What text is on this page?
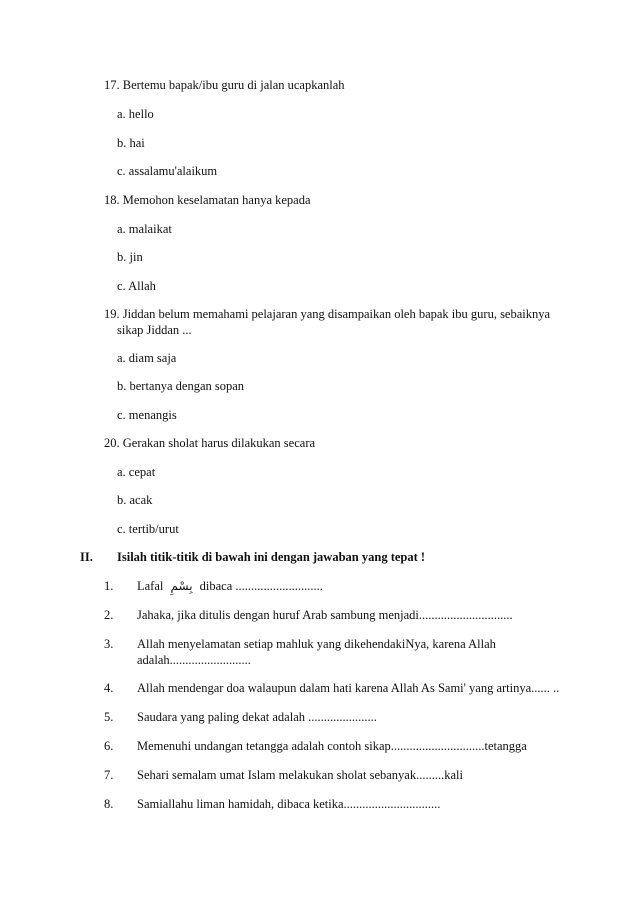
17. Bertemu bapak/ibu guru di jalan ucapkanlah
a. hello
b. hai
c. assalamu'alaikum
18. Memohon keselamatan hanya kepada
a. malaikat
b. jin
c. Allah
19. Jiddan belum memahami pelajaran yang disampaikan oleh bapak ibu guru, sebaiknya
sikap Jiddan ...
a. diam saja
b. bertanya dengan sopan
c. menangis
20. Gerakan sholat harus dilakukan secara
a. cepat
b. acak
c. tertib/urut
II. Isilah titik-titik di bawah ini dengan jawaban yang tepat !
1. Lafal بِسْمِ dibaca ............................
2. Jahaka, jika ditulis dengan huruf Arab sambung menjadi..............................
3. Allah menyelamatan setiap mahluk yang dikehendakiNya, karena Allah
adalah..........................
4. Allah mendengar doa walaupun dalam hati karena Allah As Sami' yang artinya...... ..
5. Saudara yang paling dekat adalah ......................
6. Memenuhi undangan tetangga adalah contoh sikap..............................tetangga
7. Sehari semalam umat Islam melakukan sholat sebanyak.........kali
8. Samiallahu liman hamidah, dibaca ketika...............................
